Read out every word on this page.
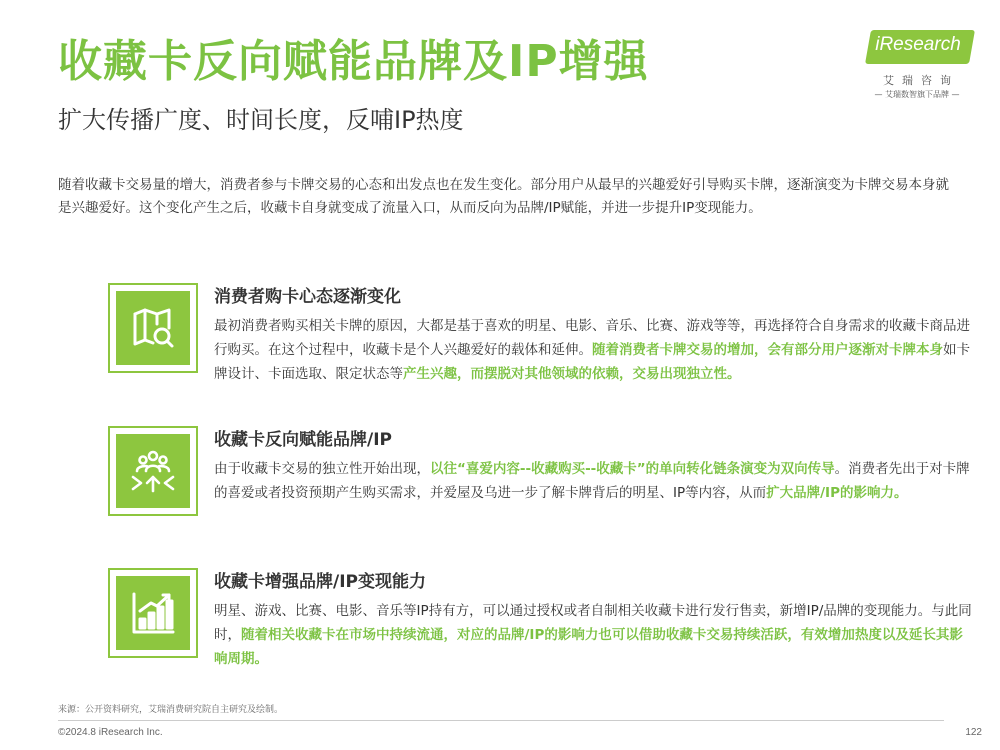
收藏卡反向赋能品牌及IP增强
扩大传播广度、时间长度，反哺IP热度
iResearch
艾瑞咨询
— 艾瑞数智旗下品牌 —

随着收藏卡交易量的增大，消费者参与卡牌交易的心态和出发点也在发生变化。部分用户从最早的兴趣爱好引导购买卡牌，逐渐演变为卡牌交易本身就是兴趣爱好。这个变化产生之后，收藏卡自身就变成了流量入口，从而反向为品牌/IP赋能，并进一步提升IP变现能力。

消费者购卡心态逐渐变化

最初消费者购买相关卡牌的原因，大都是基于喜欢的明星、电影、音乐、比赛、游戏等等，再选择符合自身需求的收藏卡商品进行购买。在这个过程中，收藏卡是个人兴趣爱好的载体和延伸。随着消费者卡牌交易的增加，会有部分用户逐渐对卡牌本身如卡牌设计、卡面选取、限定状态等产生兴趣，而摆脱对其他领域的依赖，交易出现独立性。

收藏卡反向赋能品牌/IP

由于收藏卡交易的独立性开始出现，以往“喜爱内容--收藏购买--收藏卡”的单向转化链条演变为双向传导。消费者先出于对卡牌的喜爱或者投资预期产生购买需求，并爱屋及乌进一步了解卡牌背后的明星、IP等内容，从而扩大品牌/IP的影响力。

收藏卡增强品牌/IP变现能力

明星、游戏、比赛、电影、音乐等IP持有方，可以通过授权或者自制相关收藏卡进行发行售卖，新增IP/品牌的变现能力。与此同时，随着相关收藏卡在市场中持续流通，对应的品牌/IP的影响力也可以借助收藏卡交易持续活跃，有效增加热度以及延长其影响周期。

来源：公开资料研究，艾瑞消费研究院自主研究及绘制。
©2024.8 iResearch Inc.	122
